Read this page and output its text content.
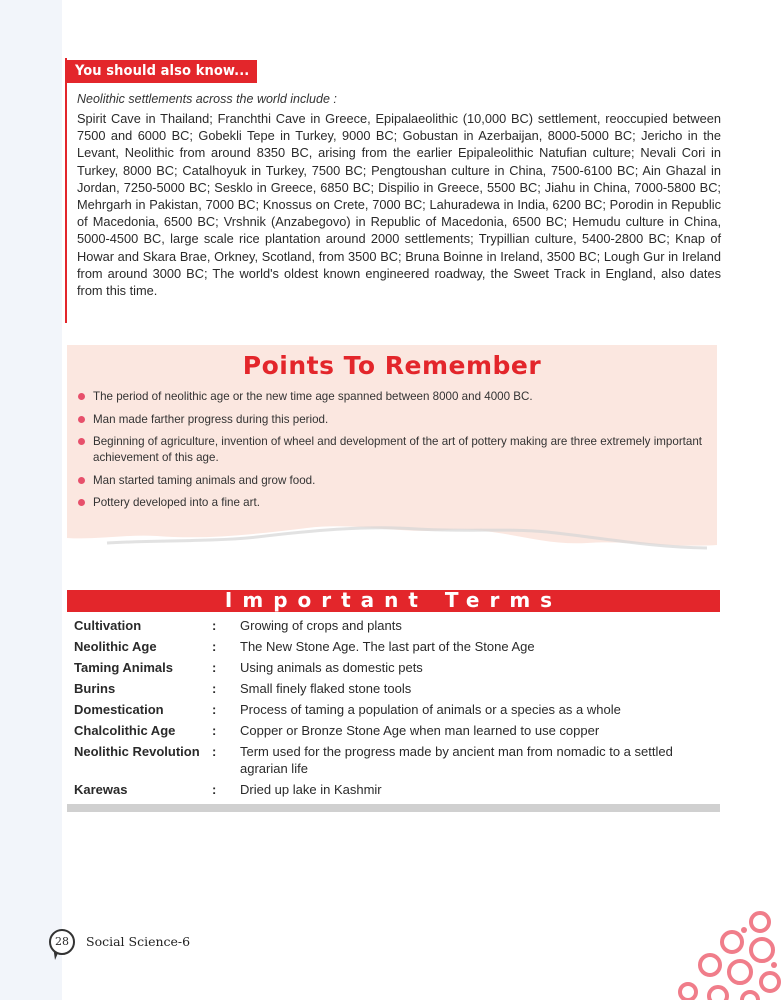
You should also know...
Neolithic settlements across the world include :
Spirit Cave in Thailand; Franchthi Cave in Greece, Epipalaeolithic (10,000 BC) settlement, reoccupied between 7500 and 6000 BC; Gobekli Tepe in Turkey, 9000 BC; Gobustan in Azerbaijan, 8000-5000 BC; Jericho in the Levant, Neolithic from around 8350 BC, arising from the earlier Epipaleolithic Natufian culture; Nevali Cori in Turkey, 8000 BC; Catalhoyuk in Turkey, 7500 BC; Pengtoushan culture in China, 7500-6100 BC; Ain Ghazal in Jordan, 7250-5000 BC; Sesklo in Greece, 6850 BC; Dispilio in Greece, 5500 BC; Jiahu in China, 7000-5800 BC; Mehrgarh in Pakistan, 7000 BC; Knossus on Crete, 7000 BC; Lahuradewa in India, 6200 BC; Porodin in Republic of Macedonia, 6500 BC; Vrshnik (Anzabegovo) in Republic of Macedonia, 6500 BC; Hemudu culture in China, 5000-4500 BC, large scale rice plantation around 2000 settlements; Trypillian culture, 5400-2800 BC; Knap of Howar and Skara Brae, Orkney, Scotland, from 3500 BC; Bruna Boinne in Ireland, 3500 BC; Lough Gur in Ireland from around 3000 BC; The world's oldest known engineered roadway, the Sweet Track in England, also dates from this time.
Points To Remember
The period of neolithic age or the new time age spanned between 8000 and 4000 BC.
Man made farther progress during this period.
Beginning of agriculture, invention of wheel and development of the art of pottery making are three extremely important achievement of this age.
Man started taming animals and grow food.
Pottery developed into a fine art.
Important Terms
Cultivation	: Growing of crops and plants
Neolithic Age	: The New Stone Age. The last part of the Stone Age
Taming Animals	: Using animals as domestic pets
Burins	: Small finely flaked stone tools
Domestication	: Process of taming a population of animals or a species as a whole
Chalcolithic Age	: Copper or Bronze Stone Age when man learned to use copper
Neolithic Revolution : Term used for the progress made by ancient man from nomadic to a settled agrarian life
Karewas	: Dried up lake in Kashmir
28	Social Science-6
